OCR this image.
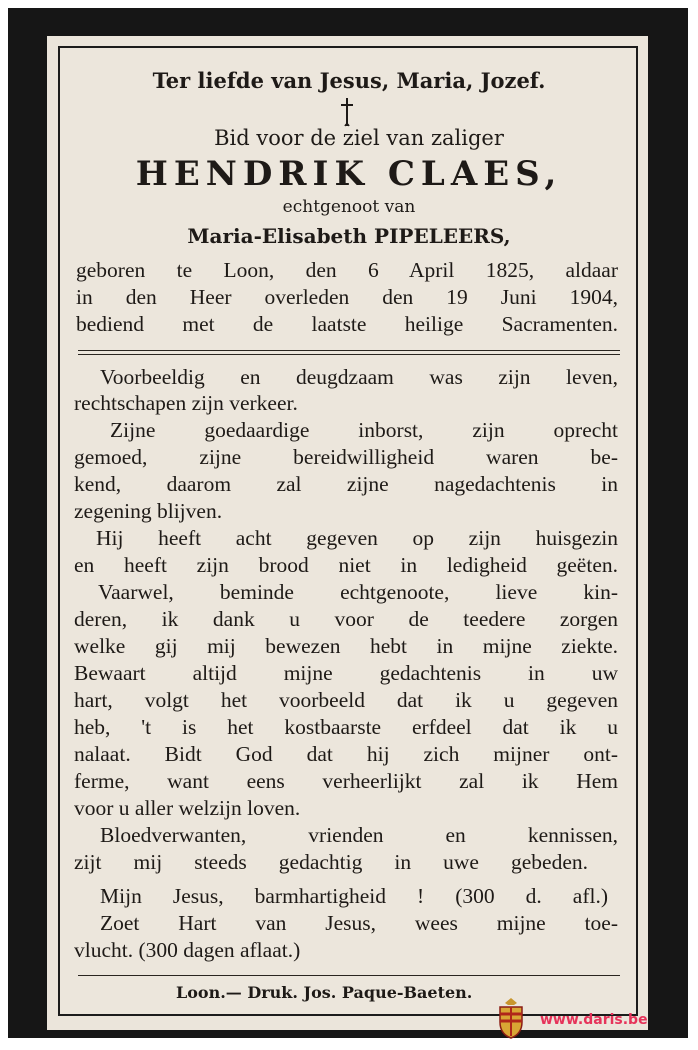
Ter liefde van Jesus, Maria, Jozef.
Bid voor de ziel van zaliger
HENDRIK CLAES,
echtgenoot van
Maria-Elisabeth PIPELEERS,
geboren te Loon, den 6 April 1825, aldaar
in den Heer overleden den 19 Juni 1904,
bediend met de laatste heilige Sacramenten.
Voorbeeldig en deugdzaam was zijn leven,
rechtschapen zijn verkeer.
Zijne goedaardige inborst, zijn oprecht
gemoed, zijne bereidwilligheid waren be-
kend, daarom zal zijne nagedachtenis in
zegening blijven.
Hij heeft acht gegeven op zijn huisgezin
en heeft zijn brood niet in ledigheid geëten.
Vaarwel, beminde echtgenoote, lieve kin-
deren, ik dank u voor de teedere zorgen
welke gij mij bewezen hebt in mijne ziekte.
Bewaart altijd mijne gedachtenis in uw
hart, volgt het voorbeeld dat ik u gegeven
heb, 't is het kostbaarste erfdeel dat ik u
nalaat. Bidt God dat hij zich mijner ont-
ferme, want eens verheerlijkt zal ik Hem
voor u aller welzijn loven.
Bloedverwanten, vrienden en kennissen,
zijt mij steeds gedachtig in uwe gebeden.
Mijn Jesus, barmhartigheid ! (300 d. afl.)
Zoet Hart van Jesus, wees mijne toe-
vlucht. (300 dagen aflaat.)
Loon.— Druk. Jos. Paque-Baeten.
www.daris.be
